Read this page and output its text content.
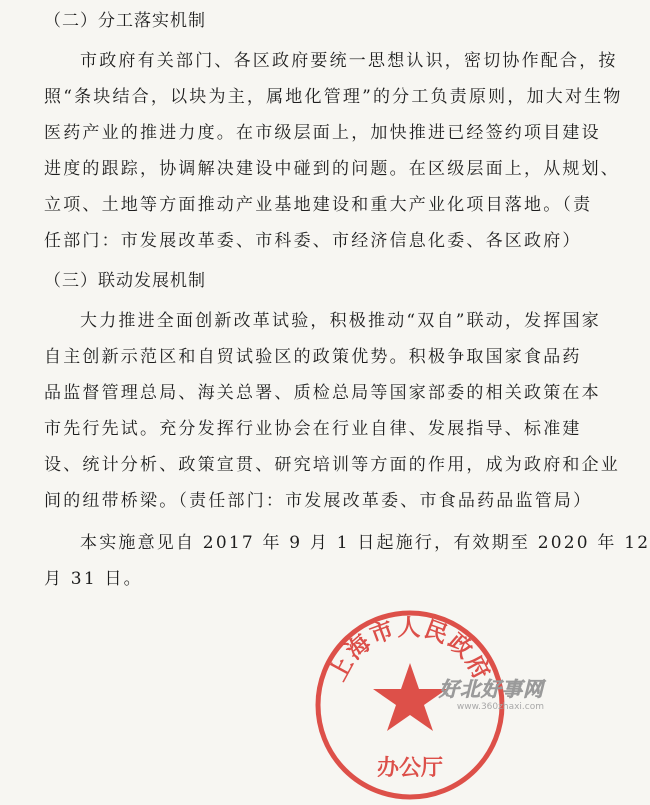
（二）分工落实机制
市政府有关部门、各区政府要统一思想认识，密切协作配合，按
照“条块结合，以块为主，属地化管理”的分工负责原则，加大对生物
医药产业的推进力度。在市级层面上，加快推进已经签约项目建设
进度的跟踪，协调解决建设中碰到的问题。在区级层面上，从规划、
立项、土地等方面推动产业基地建设和重大产业化项目落地。（责
任部门：市发展改革委、市科委、市经济信息化委、各区政府）
（三）联动发展机制
大力推进全面创新改革试验，积极推动“双自”联动，发挥国家
自主创新示范区和自贸试验区的政策优势。积极争取国家食品药
品监督管理总局、海关总署、质检总局等国家部委的相关政策在本
市先行先试。充分发挥行业协会在行业自律、发展指导、标准建
设、统计分析、政策宣贯、研究培训等方面的作用，成为政府和企业
间的纽带桥梁。（责任部门：市发展改革委、市食品药品监管局）
本实施意见自 2017 年 9 月 1 日起施行，有效期至 2020 年 12
月 31 日。
上海市人民政府
办公厅
好北好事网
www.360zhaxi.com
